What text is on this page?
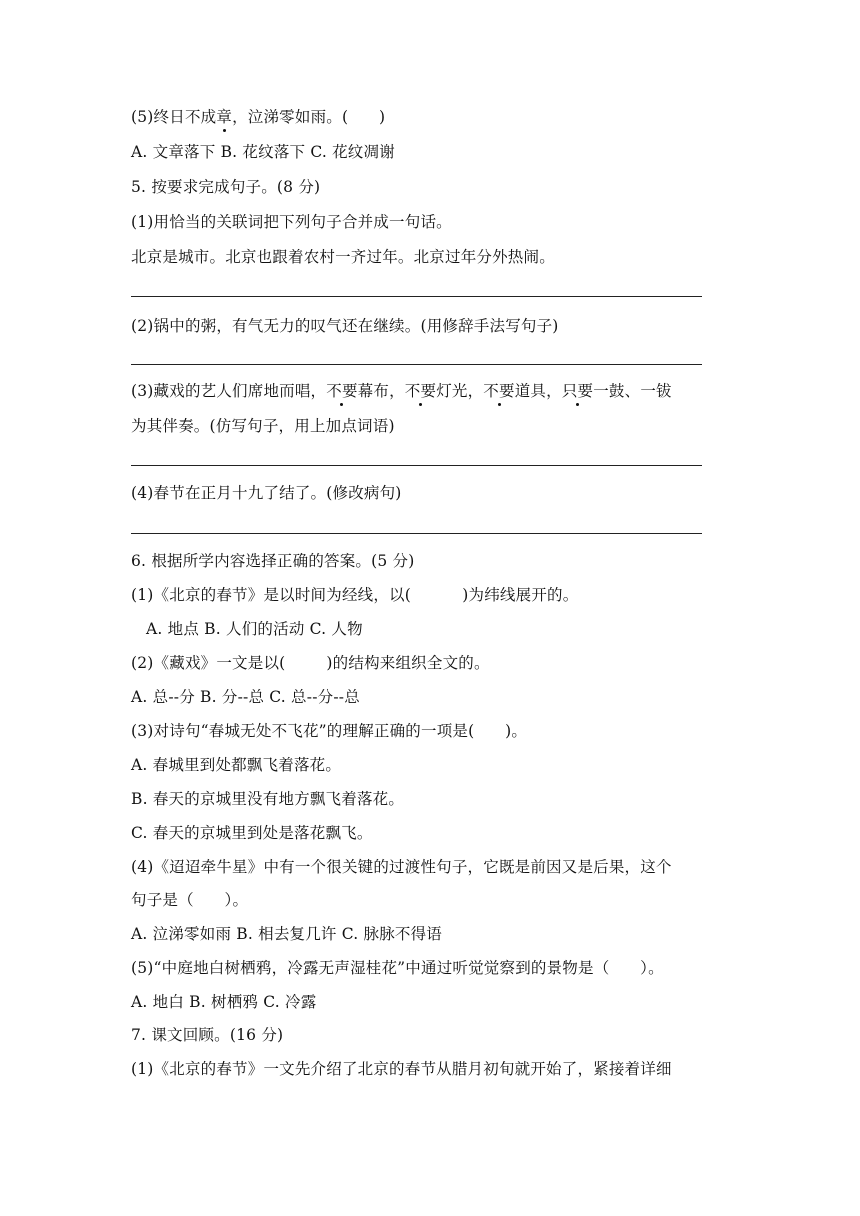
(5)终日不成章，泣涕零如雨。(      )
A. 文章落下 B. 花纹落下 C. 花纹凋谢
5. 按要求完成句子。(8 分)
(1)用恰当的关联词把下列句子合并成一句话。
北京是城市。北京也跟着农村一齐过年。北京过年分外热闹。
(2)锅中的粥，有气无力的叹气还在继续。(用修辞手法写句子)
(3)藏戏的艺人们席地而唱，不要幕布，不要灯光，不要道具，只要一鼓、一钹
为其伴奏。(仿写句子，用上加点词语)
(4)春节在正月十九了结了。(修改病句)
6. 根据所学内容选择正确的答案。(5 分)
(1)《北京的春节》是以时间为经线，以(          )为纬线展开的。
A. 地点 B. 人们的活动 C. 人物
(2)《藏戏》一文是以(        )的结构来组织全文的。
A. 总--分 B. 分--总 C. 总--分--总
(3)对诗句“春城无处不飞花”的理解正确的一项是(      )。
A. 春城里到处都飘飞着落花。
B. 春天的京城里没有地方飘飞着落花。
C. 春天的京城里到处是落花飘飞。
(4)《迢迢牵牛星》中有一个很关键的过渡性句子，它既是前因又是后果，这个
句子是（      ）。
A. 泣涕零如雨 B. 相去复几许 C. 脉脉不得语
(5)“中庭地白树栖鸦，冷露无声湿桂花”中通过听觉觉察到的景物是（      ）。
A. 地白 B. 树栖鸦 C. 冷露
7. 课文回顾。(16 分)
(1)《北京的春节》一文先介绍了北京的春节从腊月初旬就开始了，紧接着详细
